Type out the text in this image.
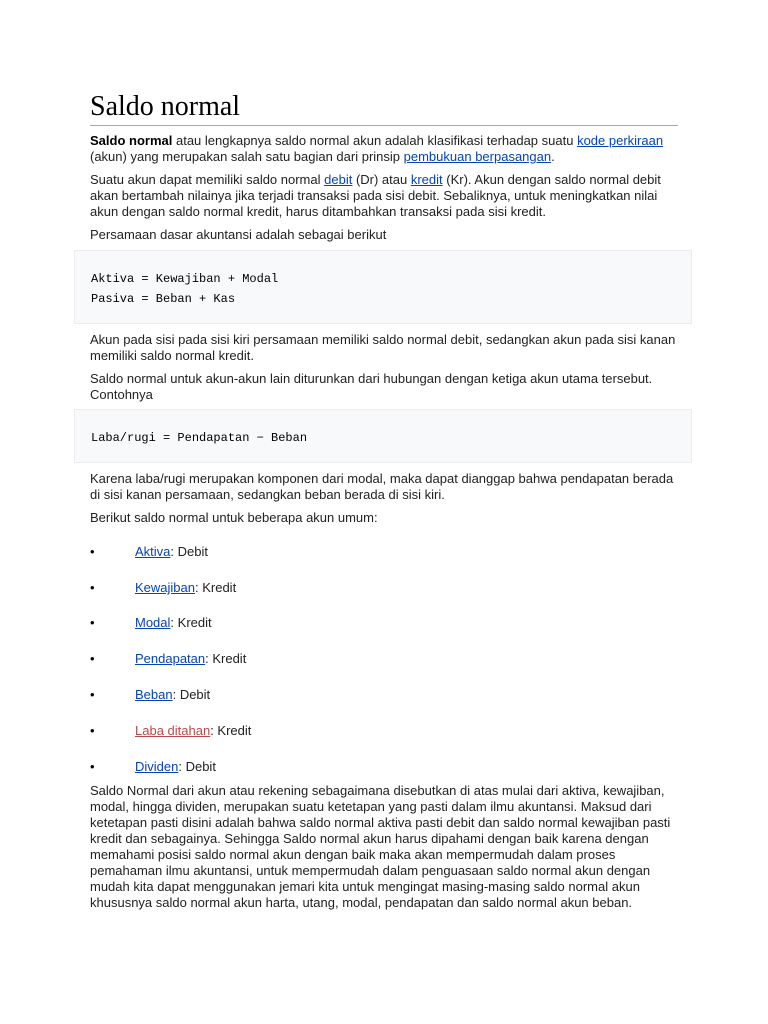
Saldo normal

Saldo normal atau lengkapnya saldo normal akun adalah klasifikasi terhadap suatu kode perkiraan (akun) yang merupakan salah satu bagian dari prinsip pembukuan berpasangan.

Suatu akun dapat memiliki saldo normal debit (Dr) atau kredit (Kr). Akun dengan saldo normal debit akan bertambah nilainya jika terjadi transaksi pada sisi debit. Sebaliknya, untuk meningkatkan nilai akun dengan saldo normal kredit, harus ditambahkan transaksi pada sisi kredit.

Persamaan dasar akuntansi adalah sebagai berikut

Aktiva = Kewajiban + Modal
Pasiva = Beban + Kas

Akun pada sisi pada sisi kiri persamaan memiliki saldo normal debit, sedangkan akun pada sisi kanan memiliki saldo normal kredit.

Saldo normal untuk akun-akun lain diturunkan dari hubungan dengan ketiga akun utama tersebut. Contohnya

Laba/rugi = Pendapatan − Beban

Karena laba/rugi merupakan komponen dari modal, maka dapat dianggap bahwa pendapatan berada di sisi kanan persamaan, sedangkan beban berada di sisi kiri.

Berikut saldo normal untuk beberapa akun umum:

•	Aktiva: Debit
•	Kewajiban: Kredit
•	Modal: Kredit
•	Pendapatan: Kredit
•	Beban: Debit
•	Laba ditahan: Kredit
•	Dividen: Debit

Saldo Normal dari akun atau rekening sebagaimana disebutkan di atas mulai dari aktiva, kewajiban, modal, hingga dividen, merupakan suatu ketetapan yang pasti dalam ilmu akuntansi. Maksud dari ketetapan pasti disini adalah bahwa saldo normal aktiva pasti debit dan saldo normal kewajiban pasti kredit dan sebagainya. Sehingga Saldo normal akun harus dipahami dengan baik karena dengan memahami posisi saldo normal akun dengan baik maka akan mempermudah dalam proses pemahaman ilmu akuntansi, untuk mempermudah dalam penguasaan saldo normal akun dengan mudah kita dapat menggunakan jemari kita untuk mengingat masing-masing saldo normal akun khususnya saldo normal akun harta, utang, modal, pendapatan dan saldo normal akun beban.
